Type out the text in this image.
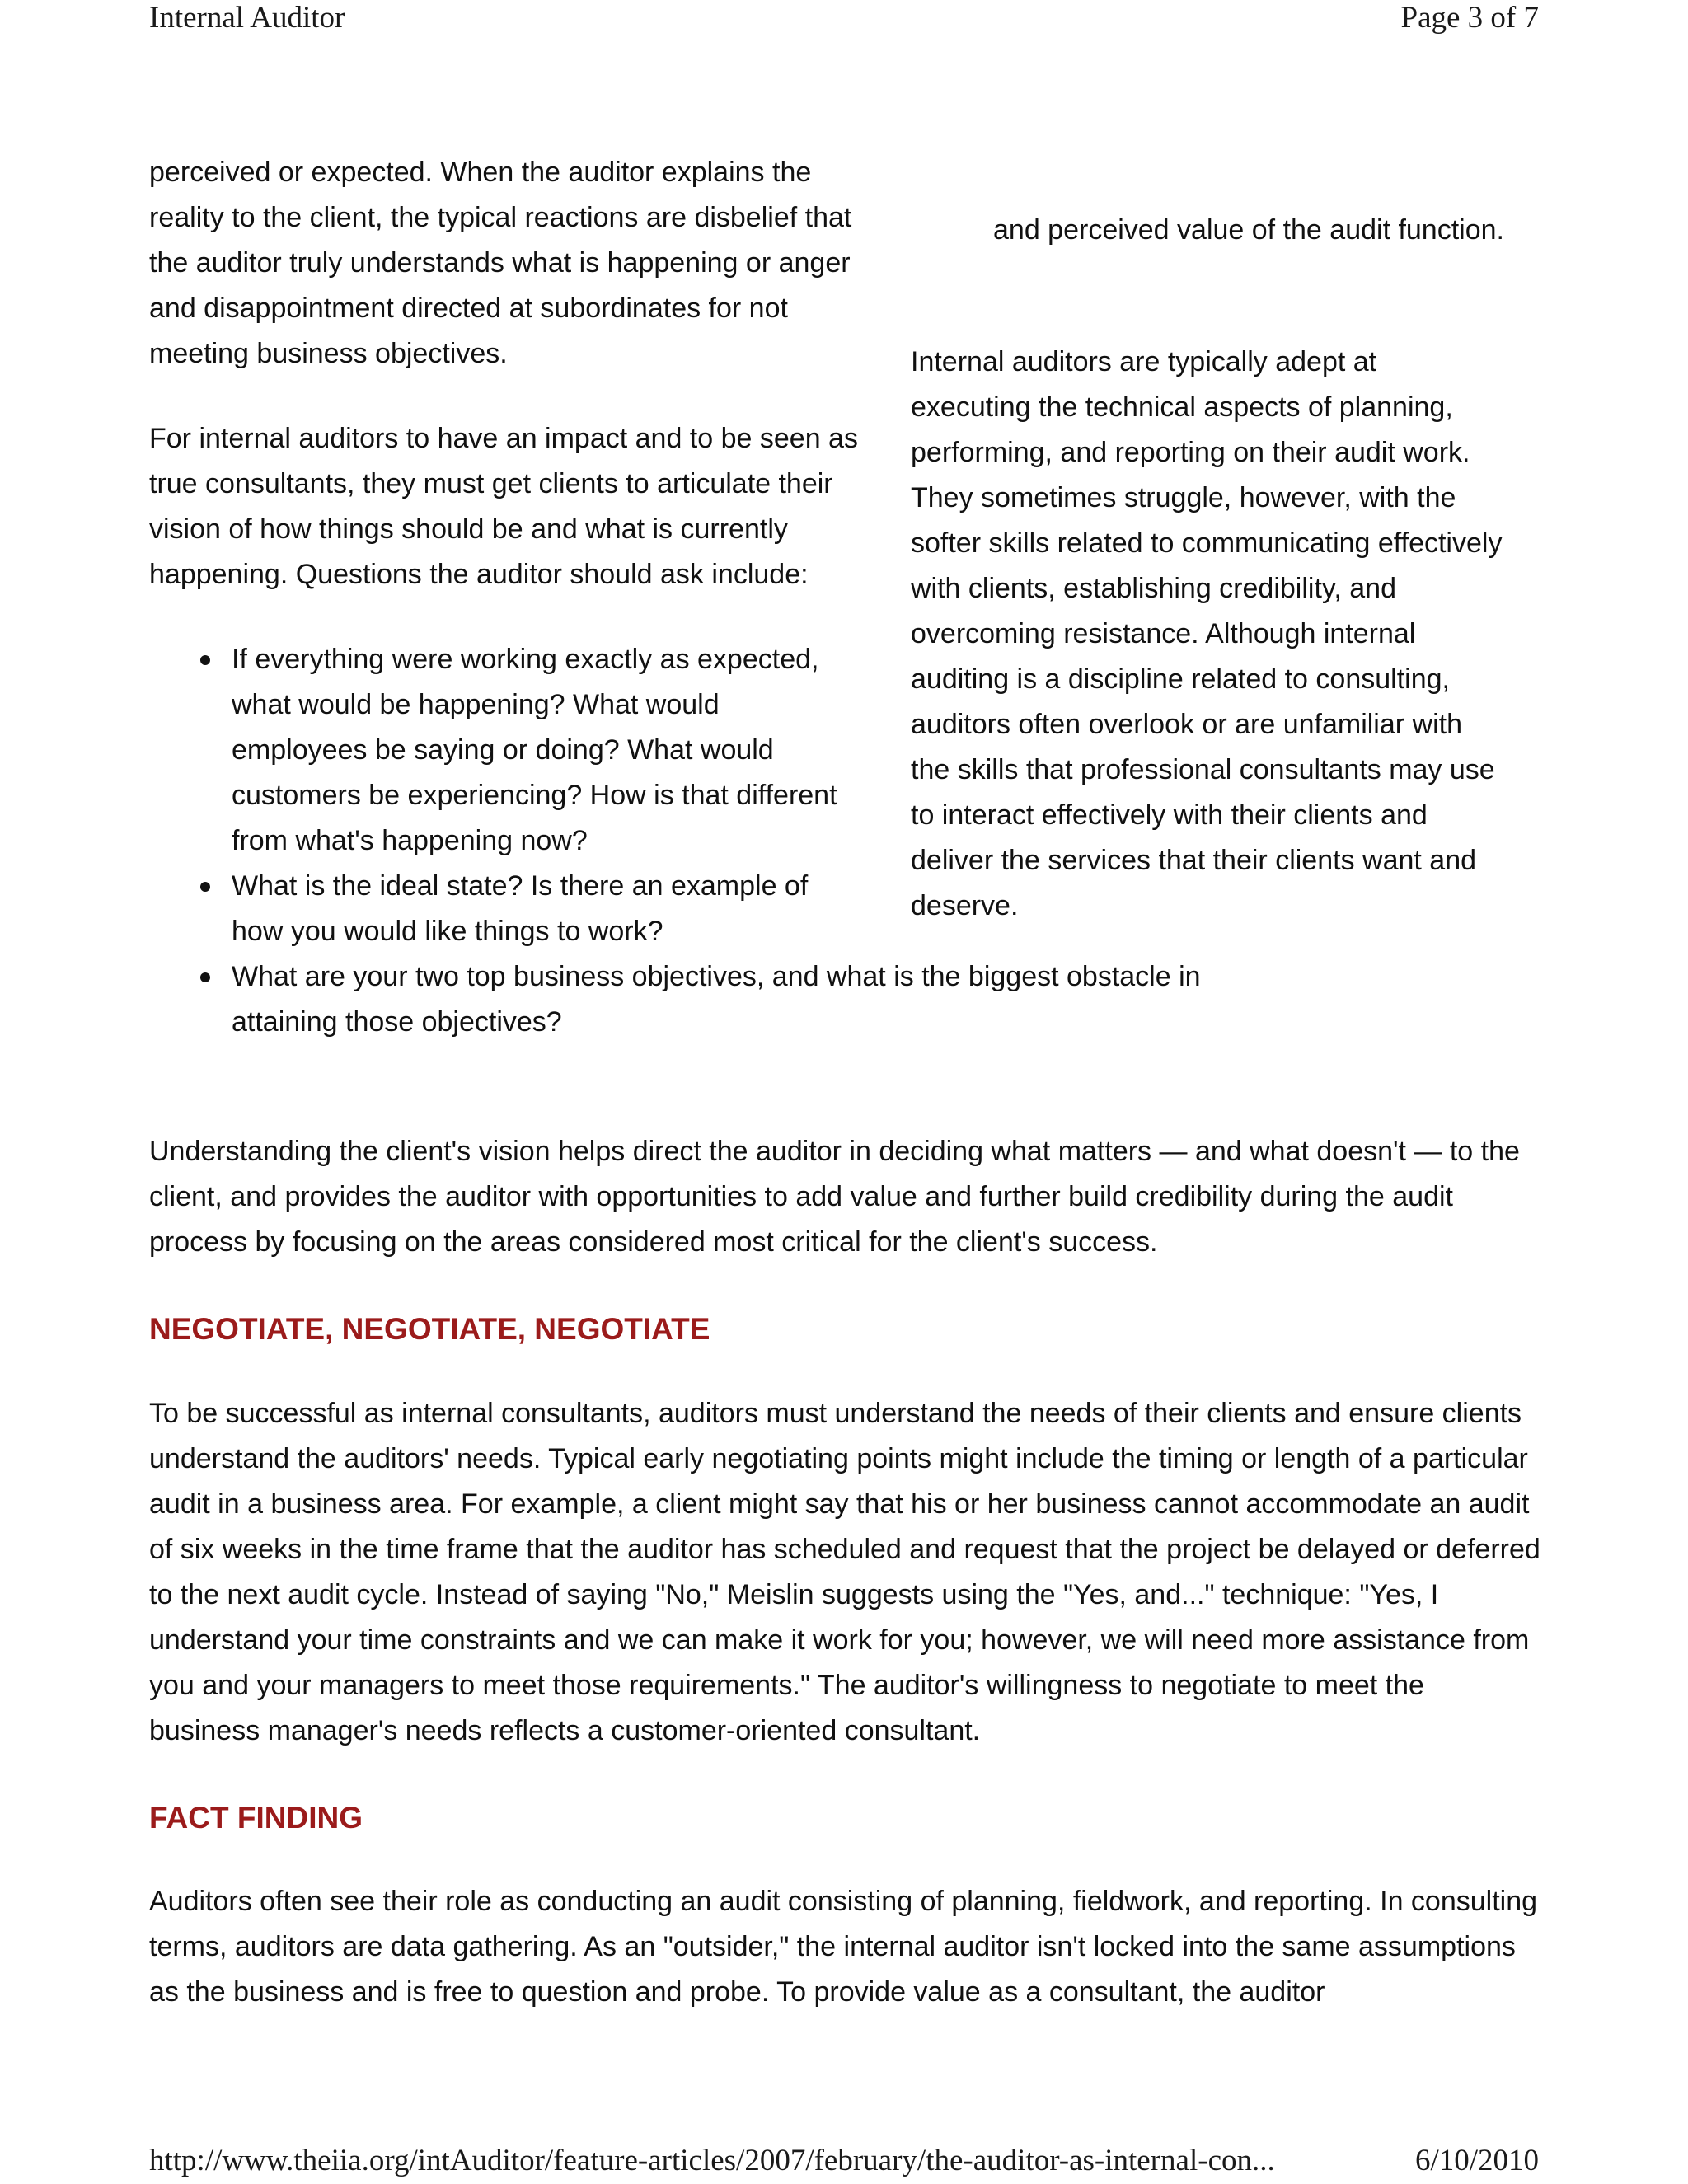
Internal Auditor	Page 3 of 7

perceived or expected. When the auditor explains the reality to the client, the typical reactions are disbelief that the auditor truly understands what is happening or anger and disappointment directed at subordinates for not meeting business objectives.

For internal auditors to have an impact and to be seen as true consultants, they must get clients to articulate their vision of how things should be and what is currently happening. Questions the auditor should ask include:

If everything were working exactly as expected, what would be happening? What would employees be saying or doing? What would customers be experiencing? How is that different from what's happening now?
What is the ideal state? Is there an example of how you would like things to work?
What are your two top business objectives, and what is the biggest obstacle in attaining those objectives?

and perceived value of the audit function.

Internal auditors are typically adept at executing the technical aspects of planning, performing, and reporting on their audit work. They sometimes struggle, however, with the softer skills related to communicating effectively with clients, establishing credibility, and overcoming resistance. Although internal auditing is a discipline related to consulting, auditors often overlook or are unfamiliar with the skills that professional consultants may use to interact effectively with their clients and deliver the services that their clients want and deserve.

Understanding the client's vision helps direct the auditor in deciding what matters — and what doesn't — to the client, and provides the auditor with opportunities to add value and further build credibility during the audit process by focusing on the areas considered most critical for the client's success.

NEGOTIATE, NEGOTIATE, NEGOTIATE

To be successful as internal consultants, auditors must understand the needs of their clients and ensure clients understand the auditors' needs. Typical early negotiating points might include the timing or length of a particular audit in a business area. For example, a client might say that his or her business cannot accommodate an audit of six weeks in the time frame that the auditor has scheduled and request that the project be delayed or deferred to the next audit cycle. Instead of saying "No," Meislin suggests using the "Yes, and..." technique: "Yes, I understand your time constraints and we can make it work for you; however, we will need more assistance from you and your managers to meet those requirements." The auditor's willingness to negotiate to meet the business manager's needs reflects a customer-oriented consultant.

FACT FINDING

Auditors often see their role as conducting an audit consisting of planning, fieldwork, and reporting. In consulting terms, auditors are data gathering. As an "outsider," the internal auditor isn't locked into the same assumptions as the business and is free to question and probe. To provide value as a consultant, the auditor

http://www.theiia.org/intAuditor/feature-articles/2007/february/the-auditor-as-internal-con...	6/10/2010
